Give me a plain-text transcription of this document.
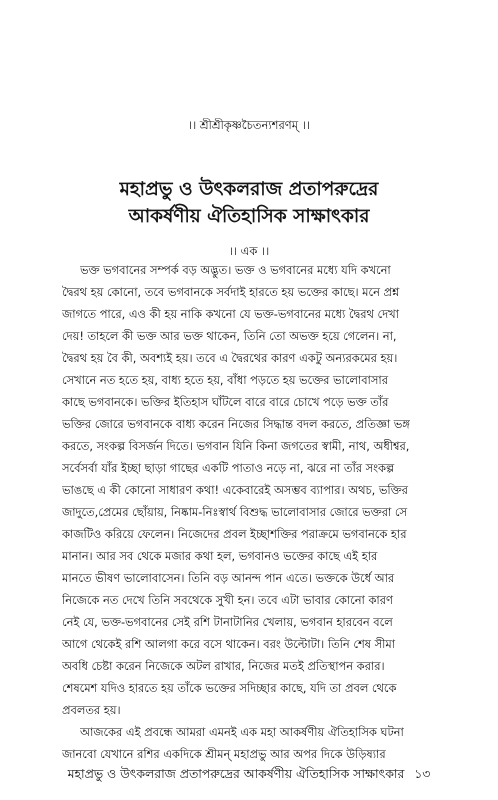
।। শ্রীশ্রীকৃষ্ণচৈতন্যশরণম্ ।।
মহাপ্রভু ও উৎকলরাজ প্রতাপরুদ্রের
আকর্ষণীয় ঐতিহাসিক সাক্ষাৎকার
।। এক ।।
ভক্ত ভগবানের সম্পর্ক বড় অদ্ভুত। ভক্ত ও ভগবানের মধ্যে যদি কখনো
দ্বৈরথ হয় কোনো, তবে ভগবানকে সর্বদাই হারতে হয় ভক্তের কাছে। মনে প্রশ্ন
জাগতে পারে, এও কী হয় নাকি কখনো যে ভক্ত-ভগবানের মধ্যে দ্বৈরথ দেখা
দেয়! তাহলে কী ভক্ত আর ভক্ত থাকেন, তিনি তো অভক্ত হয়ে গেলেন। না,
দ্বৈরথ হয় বৈ কী, অবশ্যই হয়। তবে এ দ্বৈরথের কারণ একটু অন্যরকমের হয়।
সেখানে নত হতে হয়, বাধ্য হতে হয়, বাঁধা পড়তে হয় ভক্তের ভালোবাসার
কাছে ভগবানকে। ভক্তির ইতিহাস ঘাঁটলে বারে বারে চোখে পড়ে ভক্ত তাঁর
ভক্তির জোরে ভগবানকে বাধ্য করেন নিজের সিদ্ধান্ত বদল করতে, প্রতিজ্ঞা ভঙ্গ
করতে, সংকল্প বিসর্জন দিতে। ভগবান যিনি কিনা জগতের স্বামী, নাথ, অধীশ্বর,
সর্বেসর্বা যাঁর ইচ্ছা ছাড়া গাছের একটি পাতাও নড়ে না, ঝরে না তাঁর সংকল্প
ভাঙছে এ কী কোনো সাধারণ কথা! একেবারেই অসম্ভব ব্যাপার। অথচ, ভক্তির
জাদুতে,প্রেমের ছোঁয়ায়, নিষ্কাম-নিঃস্বার্থ বিশুদ্ধ ভালোবাসার জোরে ভক্তরা সে
কাজটিও করিয়ে ফেলেন। নিজেদের প্রবল ইচ্ছাশক্তির পরাক্রমে ভগবানকে হার
মানান। আর সব থেকে মজার কথা হল, ভগবানও ভক্তের কাছে এই হার
মানতে ভীষণ ভালোবাসেন। তিনি বড় আনন্দ পান এতে। ভক্তকে উর্ধে আর
নিজেকে নত দেখে তিনি সবথেকে সুখী হন। তবে এটা ভাবার কোনো কারণ
নেই যে, ভক্ত-ভগবানের সেই রশি টানাটানির খেলায়, ভগবান হারবেন বলে
আগে থেকেই রশি আলগা করে বসে থাকেন। বরং উল্টোটা। তিনি শেষ সীমা
অবধি চেষ্টা করেন নিজেকে অটল রাখার, নিজের মতই প্রতিস্থাপন করার।
শেষমেশ যদিও হারতে হয় তাঁকে ভক্তের সদিচ্ছার কাছে, যদি তা প্রবল থেকে
প্রবলতর হয়।
আজকের এই প্রবন্ধে আমরা এমনই এক মহা আকর্ষণীয় ঐতিহাসিক ঘটনা
জানবো যেখানে রশির একদিকে শ্রীমন্ মহাপ্রভু আর অপর দিকে উড়িষ্যার
মহাপ্রভু ও উৎকলরাজ প্রতাপরুদ্রের আকর্ষণীয় ঐতিহাসিক সাক্ষাৎকার ১৩
